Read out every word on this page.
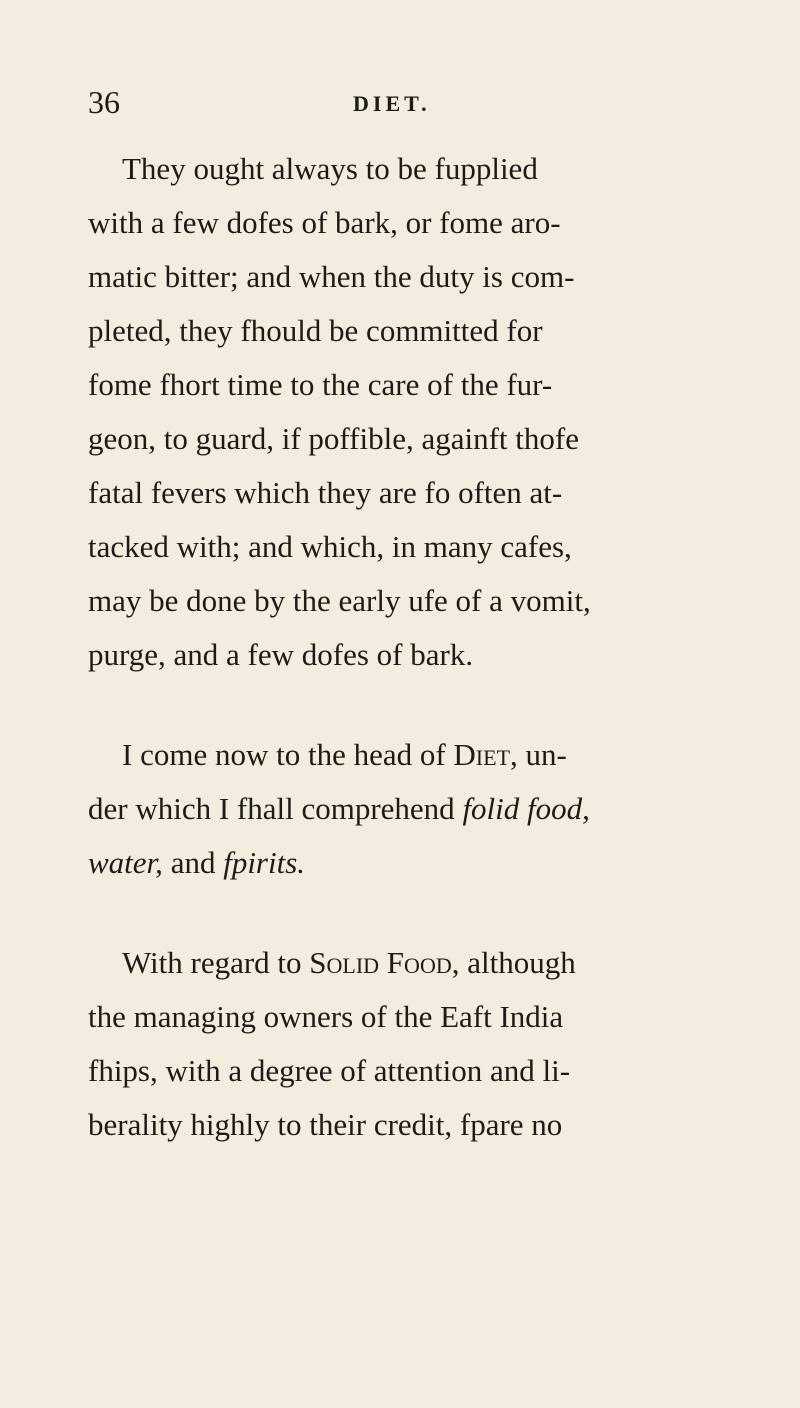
36	DIET.
They ought always to be fupplied
with a few dofes of bark, or fome aro-
matic bitter; and when the duty is com-
pleted, they fhould be committed for
fome fhort time to the care of the fur-
geon, to guard, if poffible, againft thofe
fatal fevers which they are fo often at-
tacked with; and which, in many cafes,
may be done by the early ufe of a vomit,
purge, and a few dofes of bark.
I come now to the head of Diet, un-
der which I fhall comprehend folid food,
water, and fpirits.
With regard to Solid Food, although
the managing owners of the Eaft India
fhips, with a degree of attention and li-
berality highly to their credit, fpare no
